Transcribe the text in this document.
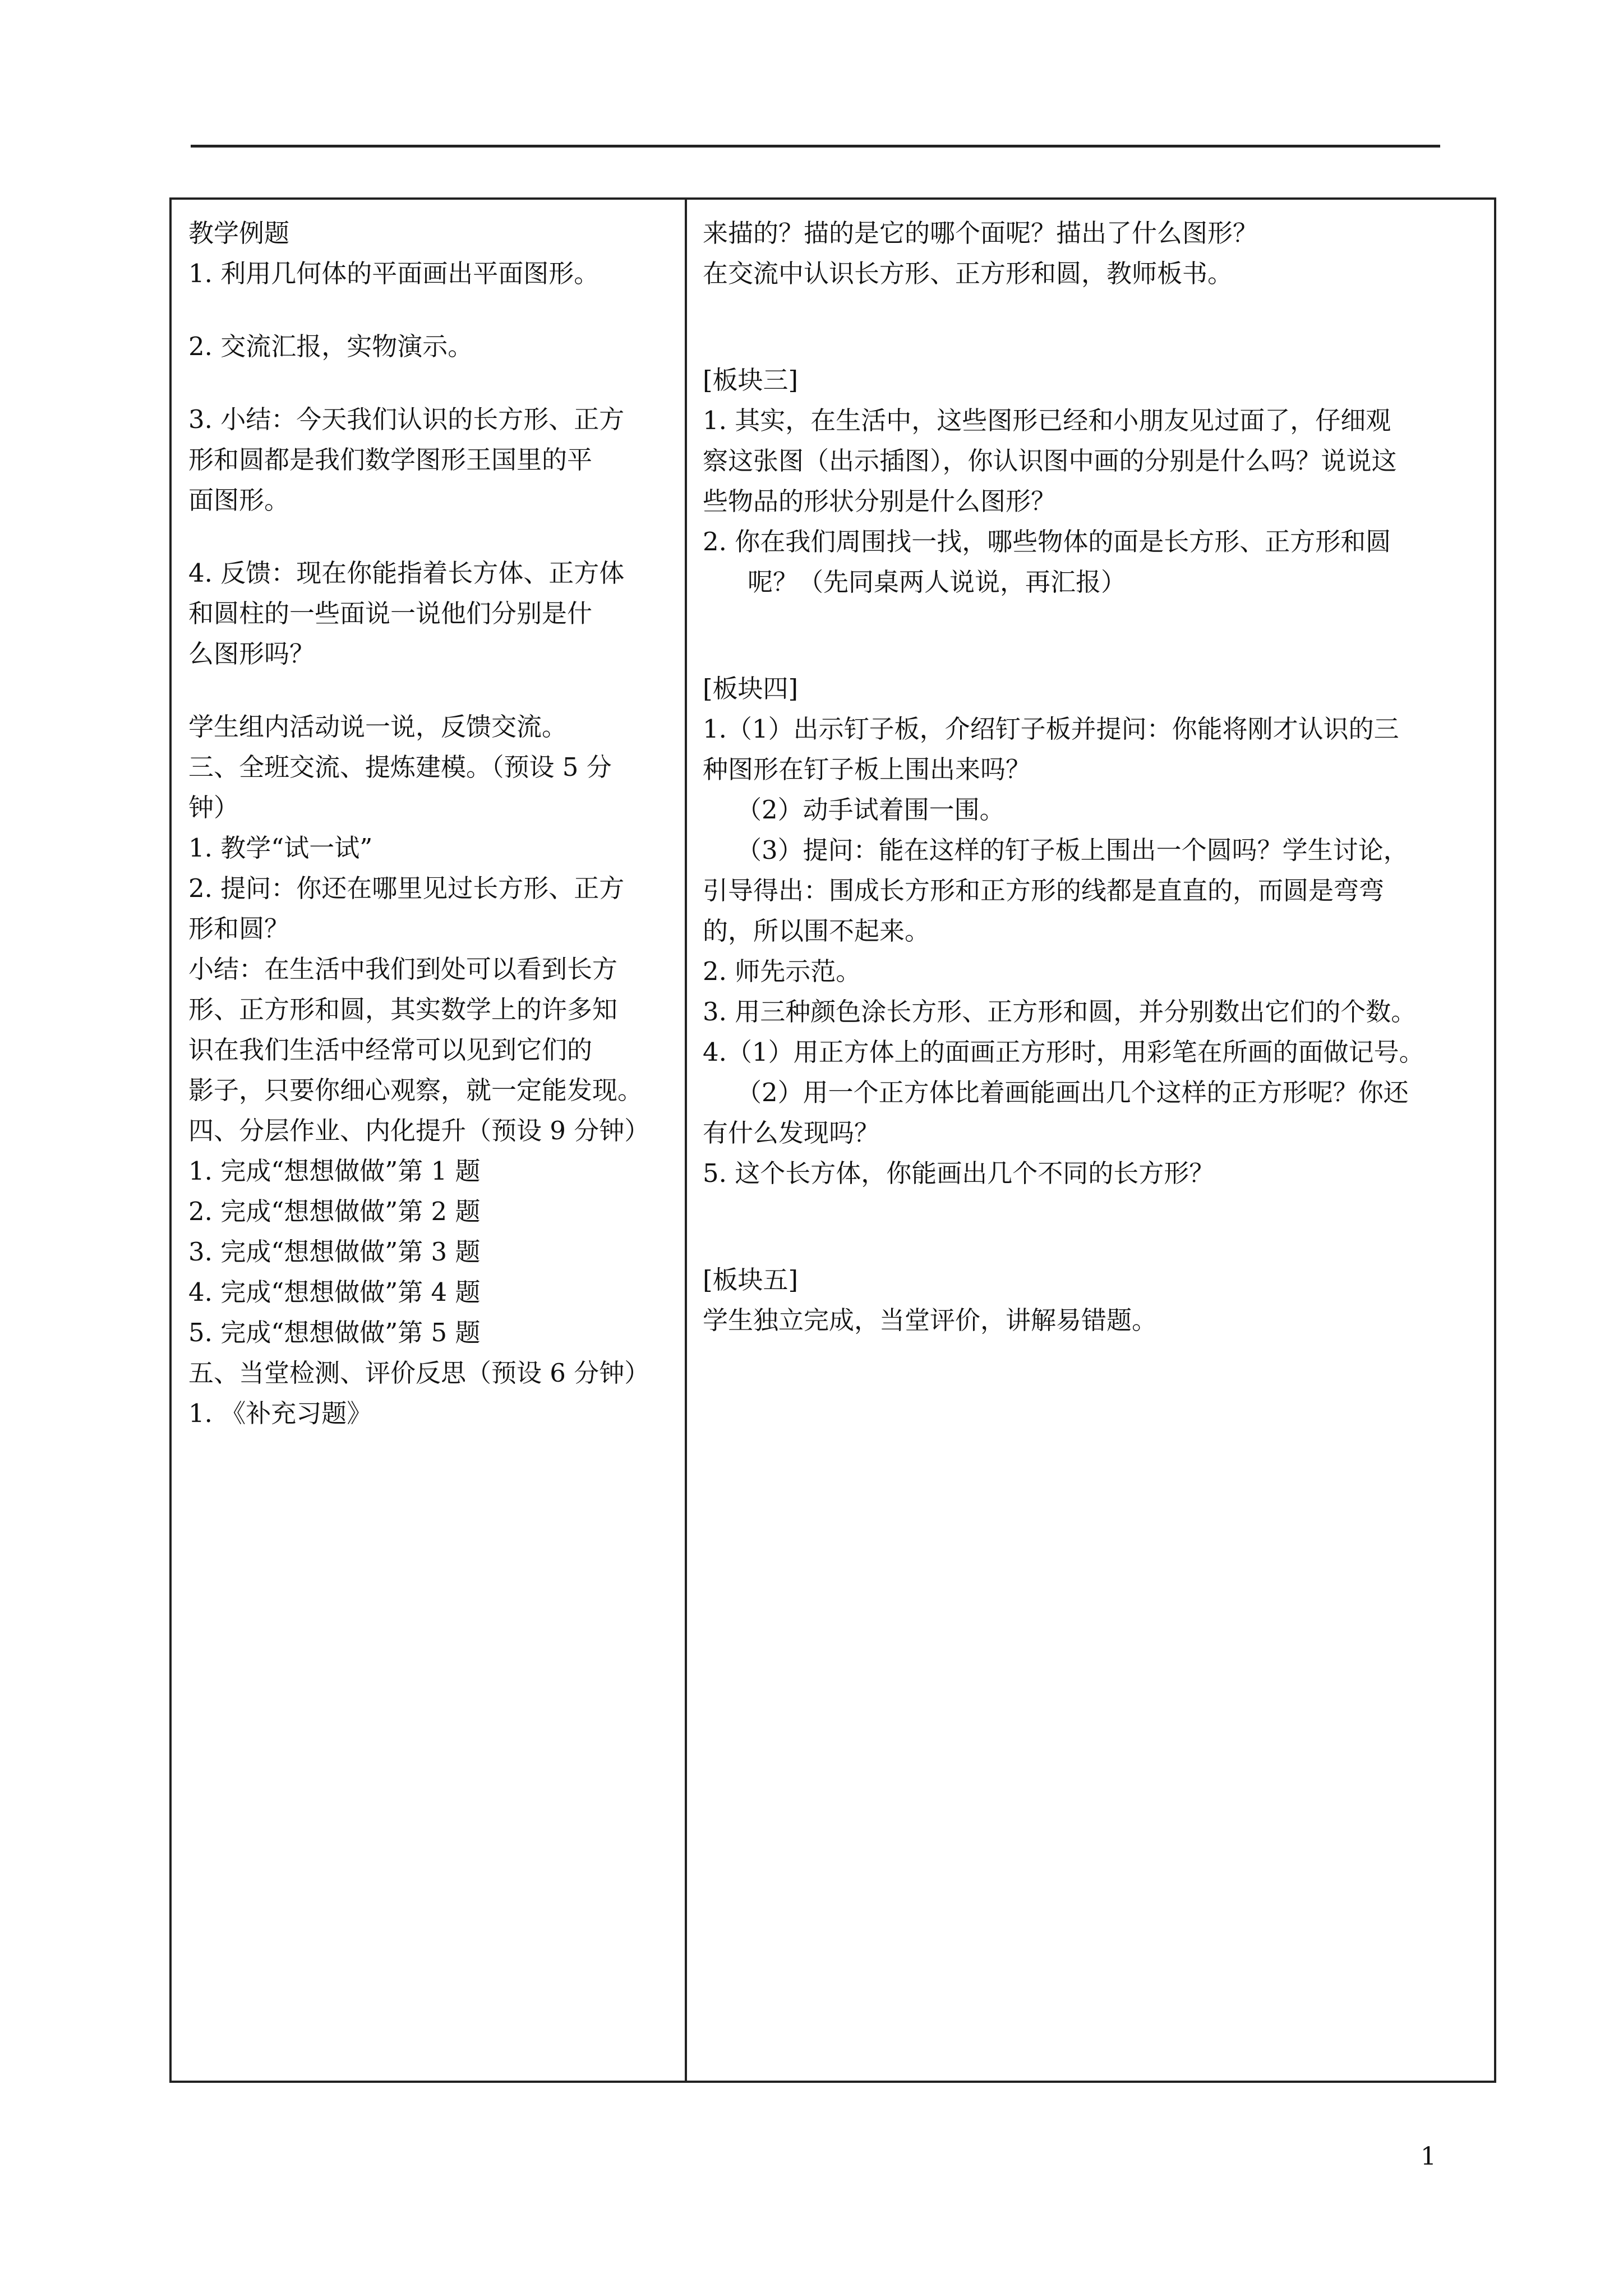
教学例题

1. 利用几何体的平面画出平面图形。

2. 交流汇报，实物演示。

3. 小结：今天我们认识的长方形、正方

形和圆都是我们数学图形王国里的平

面图形。

4. 反馈：现在你能指着长方体、正方体

和圆柱的一些面说一说他们分别是什

么图形吗？

学生组内活动说一说，反馈交流。

三、全班交流、提炼建模。（预设 5 分

钟）

1. 教学“试一试”

2. 提问：你还在哪里见过长方形、正方

形和圆？

小结：在生活中我们到处可以看到长方

形、正方形和圆，其实数学上的许多知

识在我们生活中经常可以见到它们的

影子，只要你细心观察，就一定能发现。

四、分层作业、内化提升（预设 9 分钟）

1. 完成“想想做做”第 1 题

2. 完成“想想做做”第 2 题

3. 完成“想想做做”第 3 题

4. 完成“想想做做”第 4 题

5. 完成“想想做做”第 5 题

五、当堂检测、评价反思（预设 6 分钟）

1. 《补充习题》

来描的？描的是它的哪个面呢？描出了什么图形？

在交流中认识长方形、正方形和圆，教师板书。

[板块三]

1. 其实，在生活中，这些图形已经和小朋友见过面了，仔细观

察这张图（出示插图），你认识图中画的分别是什么吗？说说这

些物品的形状分别是什么图形？

2. 你在我们周围找一找，哪些物体的面是长方形、正方形和圆

呢？（先同桌两人说说，再汇报）

[板块四]

1.（1）出示钉子板，介绍钉子板并提问：你能将刚才认识的三

种图形在钉子板上围出来吗？

（2）动手试着围一围。

（3）提问：能在这样的钉子板上围出一个圆吗？学生讨论，

引导得出：围成长方形和正方形的线都是直直的，而圆是弯弯

的，所以围不起来。

2. 师先示范。

3. 用三种颜色涂长方形、正方形和圆，并分别数出它们的个数。

4.（1）用正方体上的面画正方形时，用彩笔在所画的面做记号。

（2）用一个正方体比着画能画出几个这样的正方形呢？你还

有什么发现吗？

5. 这个长方体，你能画出几个不同的长方形？

[板块五]

学生独立完成，当堂评价，讲解易错题。

1
